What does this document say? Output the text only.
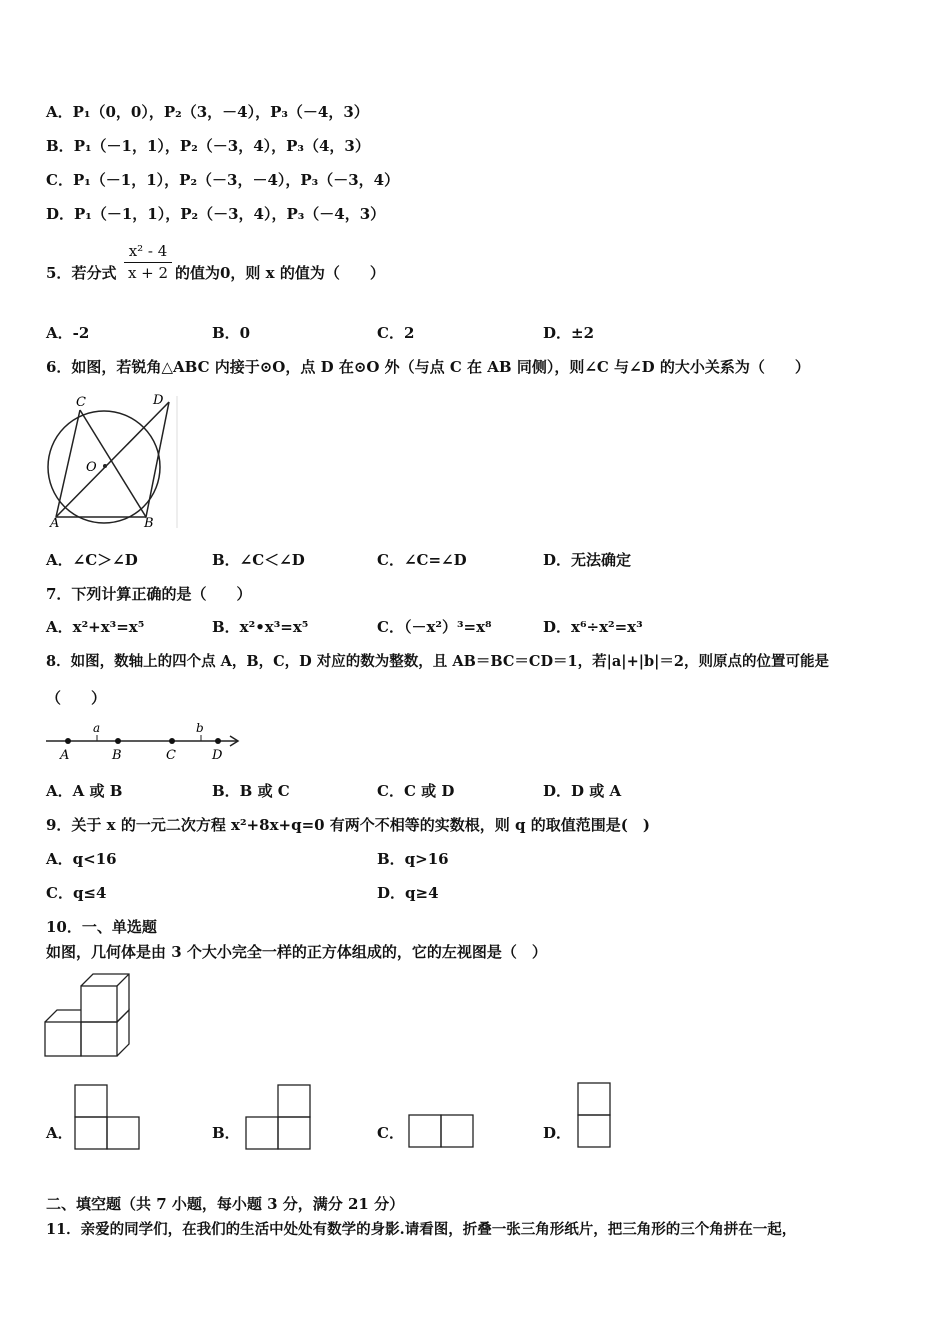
A．P₁（0，0），P₂（3，－4），P₃（－4，3）
B．P₁（－1，1），P₂（－3，4），P₃（4，3）
C．P₁（－1，1），P₂（－3，－4），P₃（－3，4）
D．P₁（－1，1），P₂（－3，4），P₃（－4，3）
5．若分式
x² - 4
x + 2 的值为0，则 x 的值为（　　）
A．-2	B．0	C．2	D．±2
6．如图，若锐角△ABC 内接于⊙O，点 D 在⊙O 外（与点 C 在 AB 同侧），则∠C 与∠D 的大小关系为（　　）
C	D
O
A	B
A．∠C＞∠D	B．∠C＜∠D	C．∠C=∠D	D．无法确定
7．下列计算正确的是（　　）
A．x²+x³=x⁵	B．x²•x³=x⁵	C．（－x²）³=x⁸	D．x⁶÷x²=x³
8．如图，数轴上的四个点 A，B，C，D 对应的数为整数，且 AB＝BC＝CD＝1，若|a|+|b|＝2，则原点的位置可能是
（　　）
a	b
A	B	C	D
A．A 或 B	B．B 或 C	C．C 或 D	D．D 或 A
9．关于 x 的一元二次方程 x²+8x+q=0 有两个不相等的实数根，则 q 的取值范围是(　)
A．q<16	B．q>16
C．q≤4	D．q≥4
10．一、单选题
如图，几何体是由 3 个大小完全一样的正方体组成的，它的左视图是（　）
A．	B．	C．	D．
二、填空题（共 7 小题，每小题 3 分，满分 21 分）
11．亲爱的同学们，在我们的生活中处处有数学的身影.请看图，折叠一张三角形纸片，把三角形的三个角拼在一起，
